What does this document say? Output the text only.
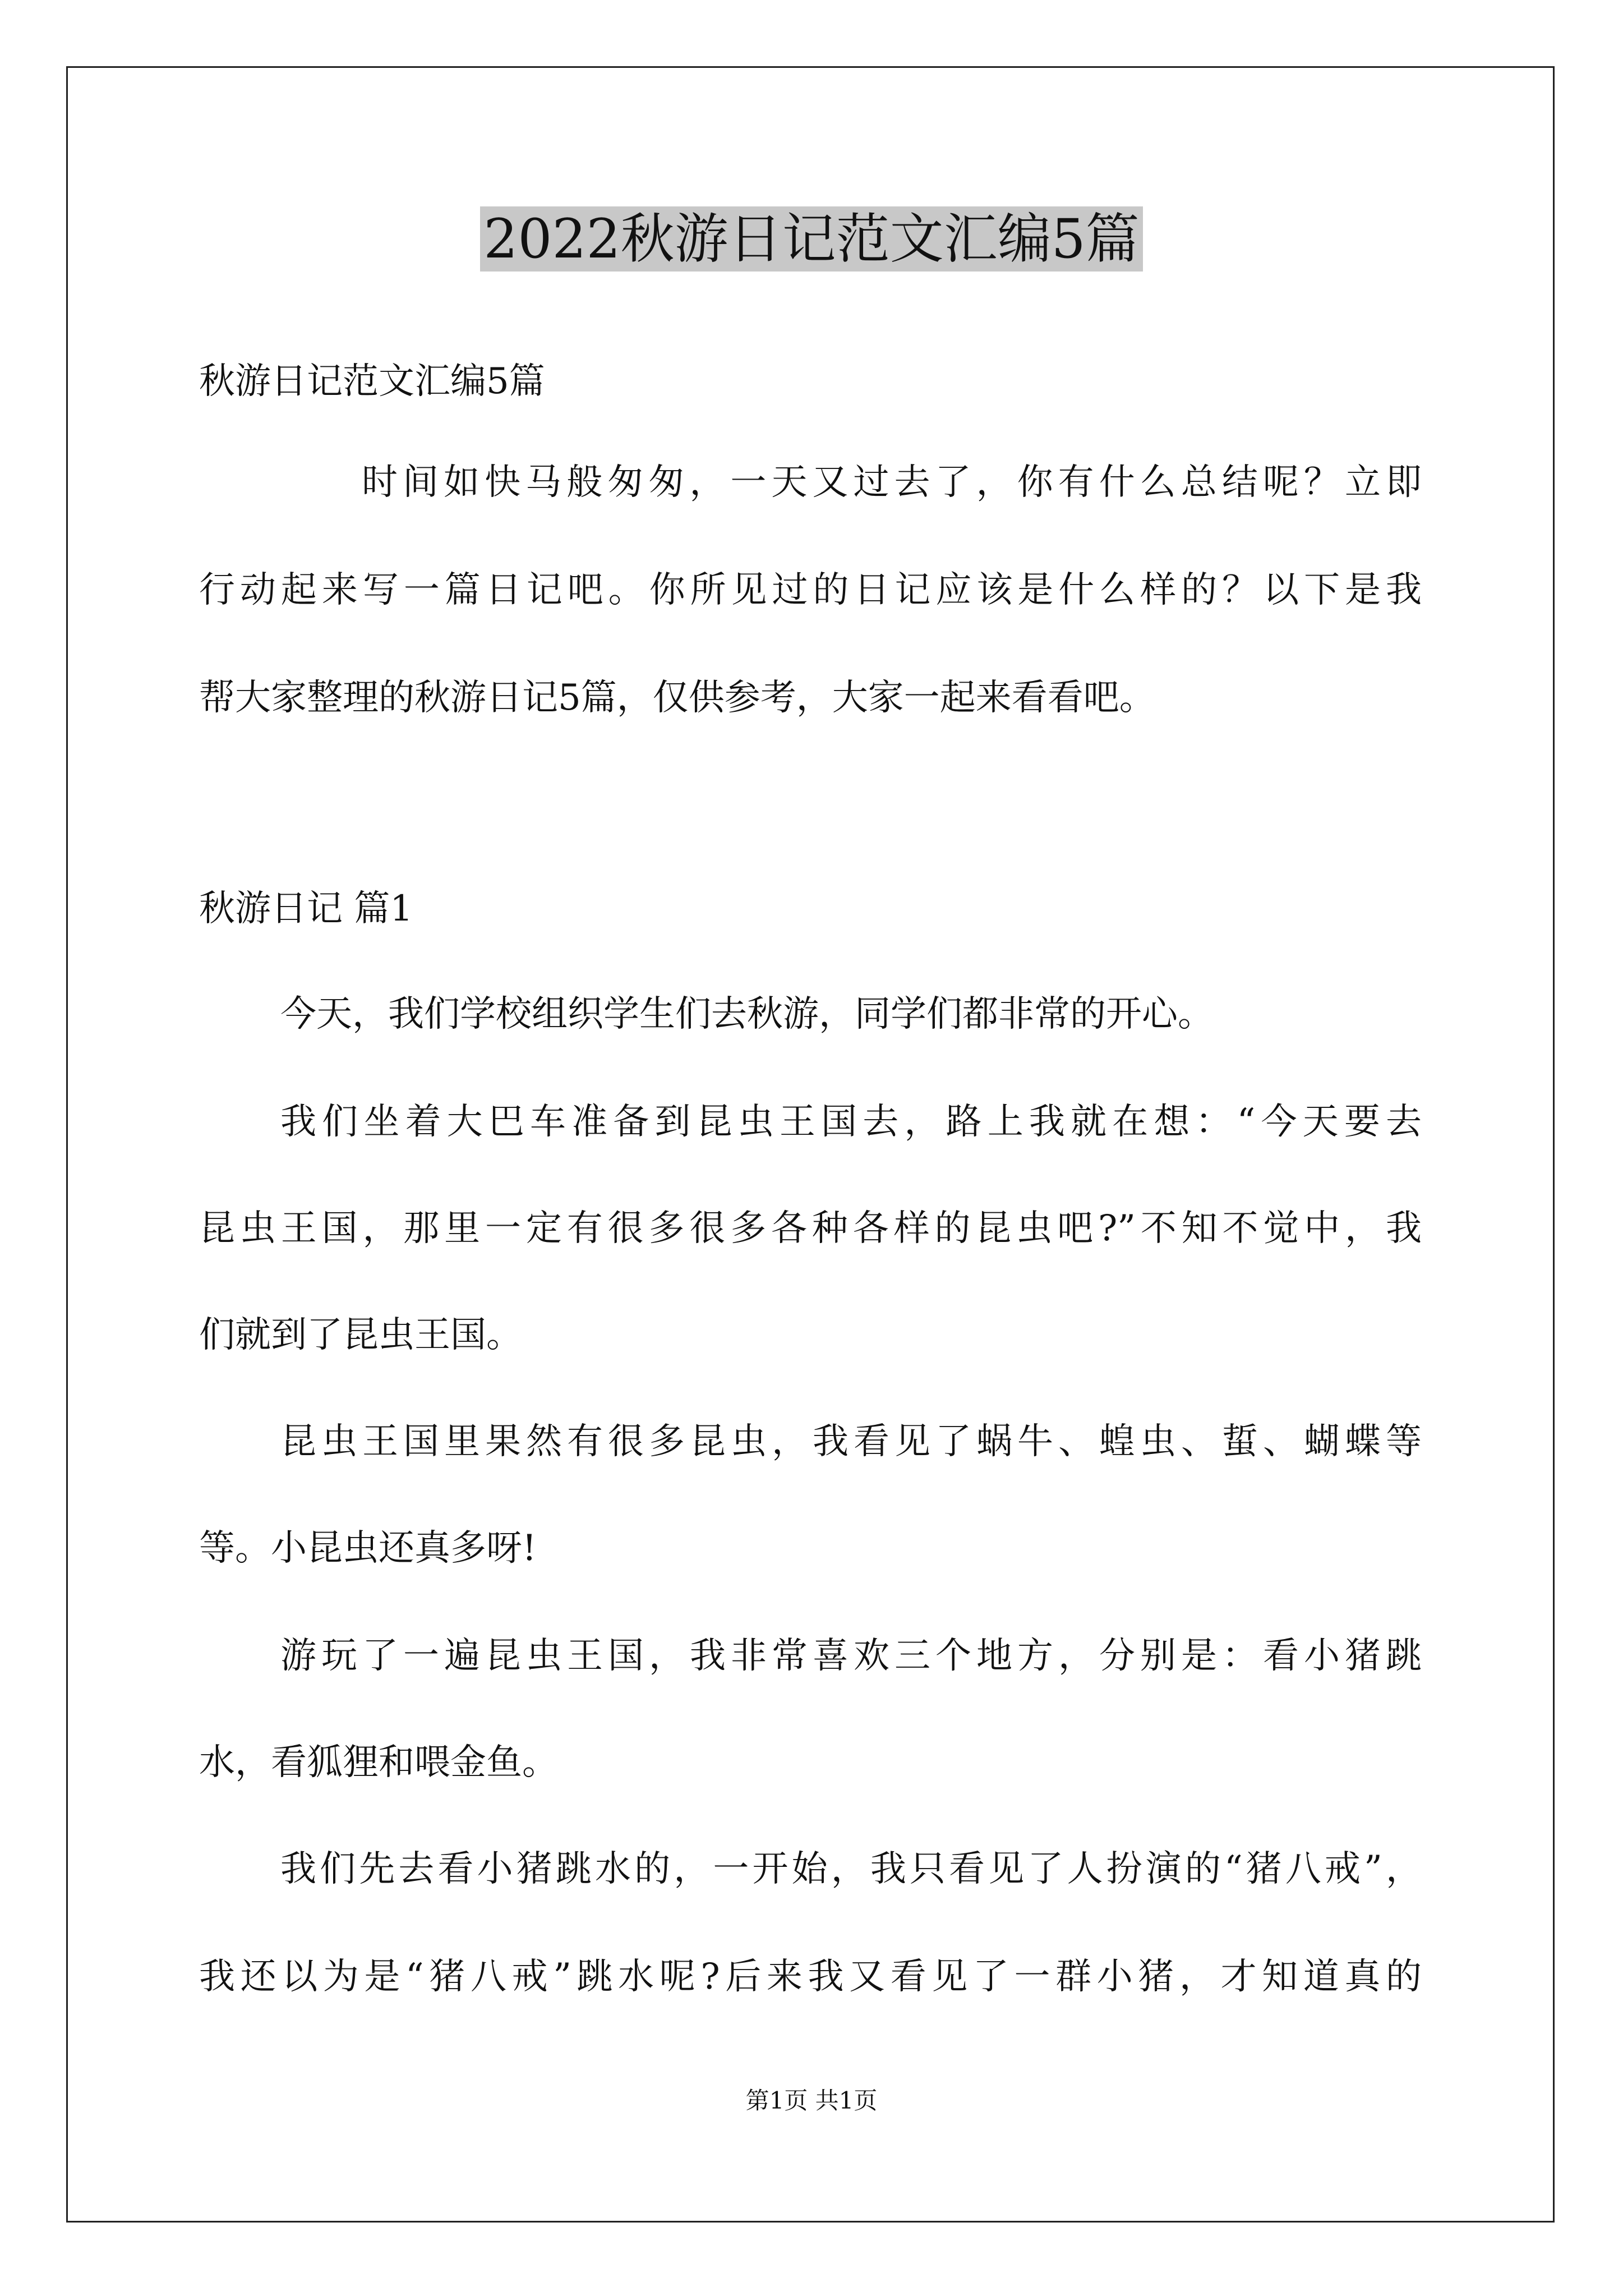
2022秋游日记范文汇编5篇
秋游日记范文汇编5篇
时间如快马般匆匆，一天又过去了，你有什么总结呢？立即
行动起来写一篇日记吧。你所见过的日记应该是什么样的？以下是我
帮大家整理的秋游日记5篇，仅供参考，大家一起来看看吧。
秋游日记 篇1
今天，我们学校组织学生们去秋游，同学们都非常的开心。
我们坐着大巴车准备到昆虫王国去，路上我就在想：“今天要去
昆虫王国，那里一定有很多很多各种各样的昆虫吧?”不知不觉中，我
们就到了昆虫王国。
昆虫王国里果然有很多昆虫，我看见了蜗牛、蝗虫、蜇、蝴蝶等
等。小昆虫还真多呀!
游玩了一遍昆虫王国，我非常喜欢三个地方，分别是：看小猪跳
水，看狐狸和喂金鱼。
我们先去看小猪跳水的，一开始，我只看见了人扮演的“猪八戒”，
我还以为是“猪八戒”跳水呢?后来我又看见了一群小猪，才知道真的
第1页 共1页
